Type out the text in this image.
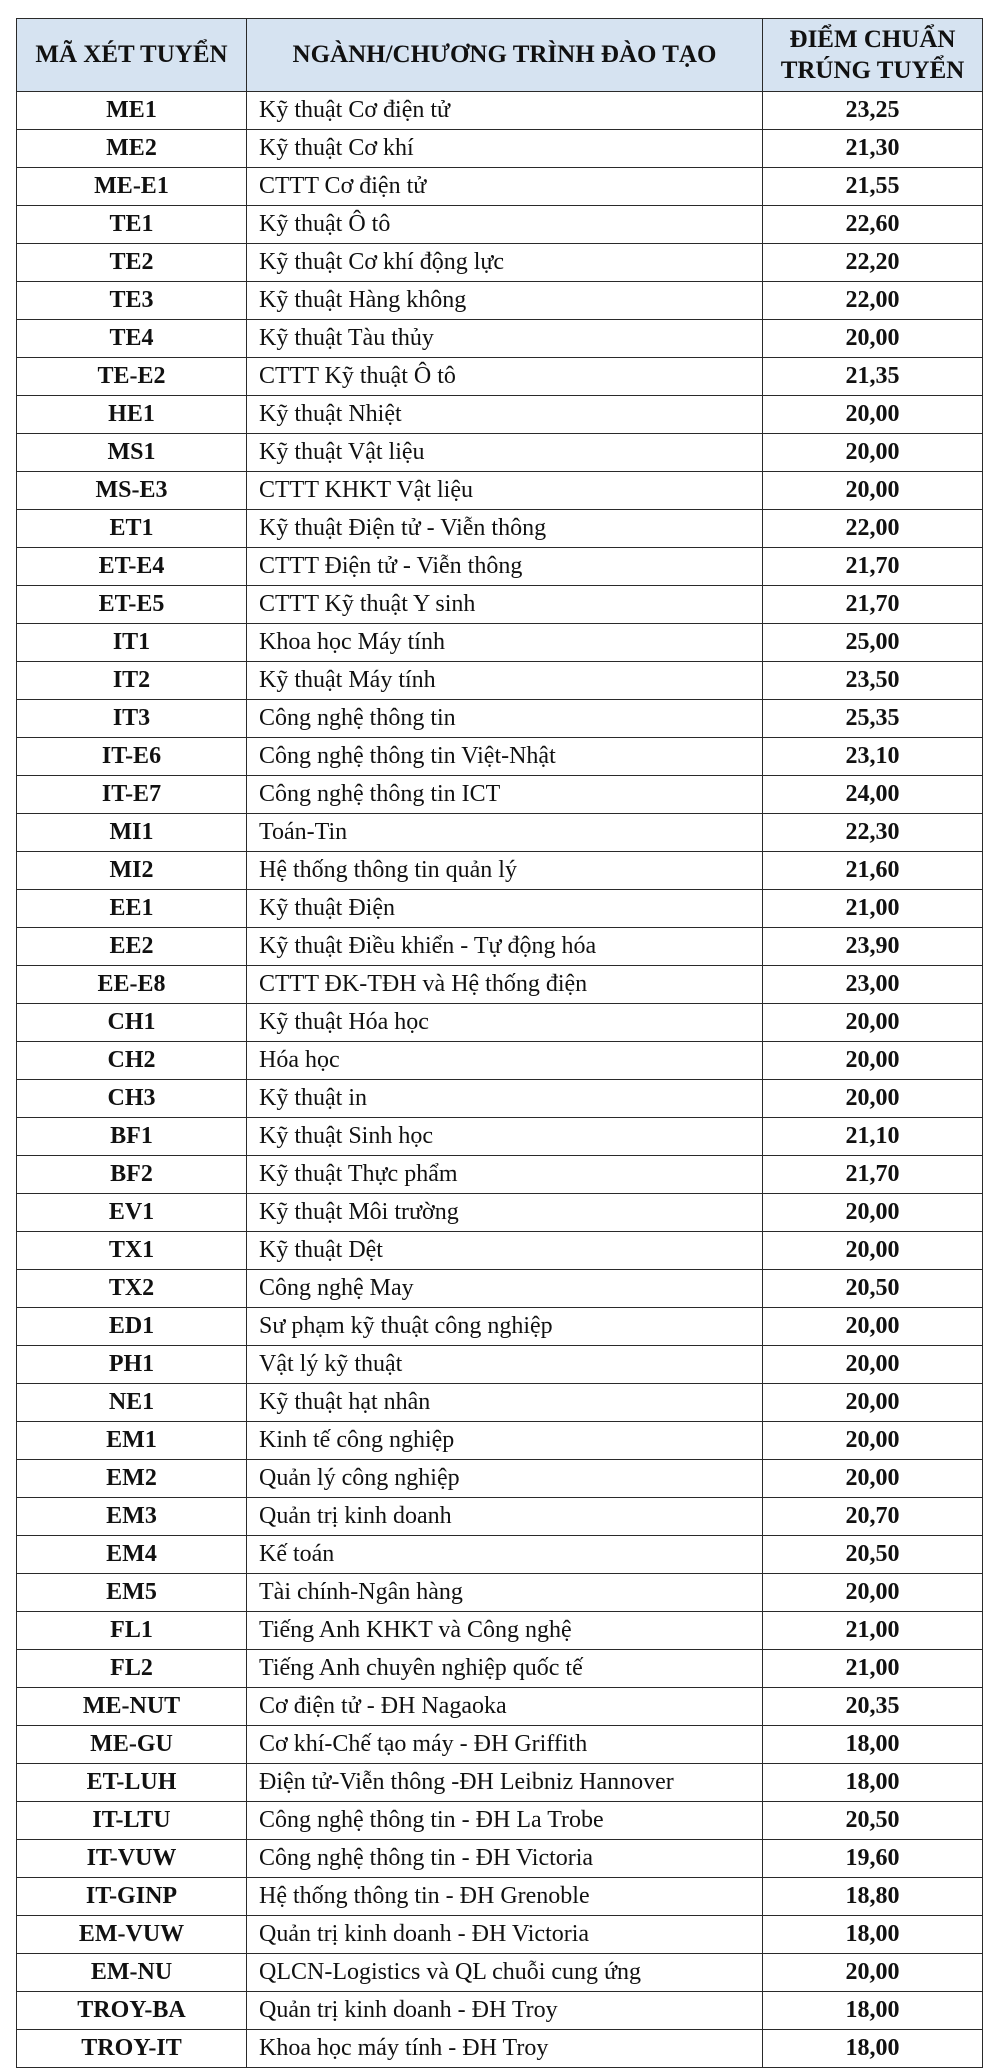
MÃ XÉT TUYỂN	NGÀNH/CHƯƠNG TRÌNH ĐÀO TẠO	ĐIỂM CHUẨN TRÚNG TUYỂN
ME1	Kỹ thuật Cơ điện tử	23,25
ME2	Kỹ thuật Cơ khí	21,30
ME-E1	CTTT Cơ điện tử	21,55
TE1	Kỹ thuật Ô tô	22,60
TE2	Kỹ thuật Cơ khí động lực	22,20
TE3	Kỹ thuật Hàng không	22,00
TE4	Kỹ thuật Tàu thủy	20,00
TE-E2	CTTT Kỹ thuật Ô tô	21,35
HE1	Kỹ thuật Nhiệt	20,00
MS1	Kỹ thuật Vật liệu	20,00
MS-E3	CTTT KHKT Vật liệu	20,00
ET1	Kỹ thuật Điện tử - Viễn thông	22,00
ET-E4	CTTT Điện tử - Viễn thông	21,70
ET-E5	CTTT Kỹ thuật Y sinh	21,70
IT1	Khoa học Máy tính	25,00
IT2	Kỹ thuật Máy tính	23,50
IT3	Công nghệ thông tin	25,35
IT-E6	Công nghệ thông tin Việt-Nhật	23,10
IT-E7	Công nghệ thông tin ICT	24,00
MI1	Toán-Tin	22,30
MI2	Hệ thống thông tin quản lý	21,60
EE1	Kỹ thuật Điện	21,00
EE2	Kỹ thuật Điều khiển - Tự động hóa	23,90
EE-E8	CTTT ĐK-TĐH và Hệ thống điện	23,00
CH1	Kỹ thuật Hóa học	20,00
CH2	Hóa học	20,00
CH3	Kỹ thuật in	20,00
BF1	Kỹ thuật Sinh học	21,10
BF2	Kỹ thuật Thực phẩm	21,70
EV1	Kỹ thuật Môi trường	20,00
TX1	Kỹ thuật Dệt	20,00
TX2	Công nghệ May	20,50
ED1	Sư phạm kỹ thuật công nghiệp	20,00
PH1	Vật lý kỹ thuật	20,00
NE1	Kỹ thuật hạt nhân	20,00
EM1	Kinh tế công nghiệp	20,00
EM2	Quản lý công nghiệp	20,00
EM3	Quản trị kinh doanh	20,70
EM4	Kế toán	20,50
EM5	Tài chính-Ngân hàng	20,00
FL1	Tiếng Anh KHKT và Công nghệ	21,00
FL2	Tiếng Anh chuyên nghiệp quốc tế	21,00
ME-NUT	Cơ điện tử - ĐH Nagaoka	20,35
ME-GU	Cơ khí-Chế tạo máy - ĐH Griffith	18,00
ET-LUH	Điện tử-Viễn thông -ĐH Leibniz Hannover	18,00
IT-LTU	Công nghệ thông tin - ĐH La Trobe	20,50
IT-VUW	Công nghệ thông tin - ĐH Victoria	19,60
IT-GINP	Hệ thống thông tin - ĐH Grenoble	18,80
EM-VUW	Quản trị kinh doanh - ĐH Victoria	18,00
EM-NU	QLCN-Logistics và QL chuỗi cung ứng	20,00
TROY-BA	Quản trị kinh doanh - ĐH Troy	18,00
TROY-IT	Khoa học máy tính - ĐH Troy	18,00
